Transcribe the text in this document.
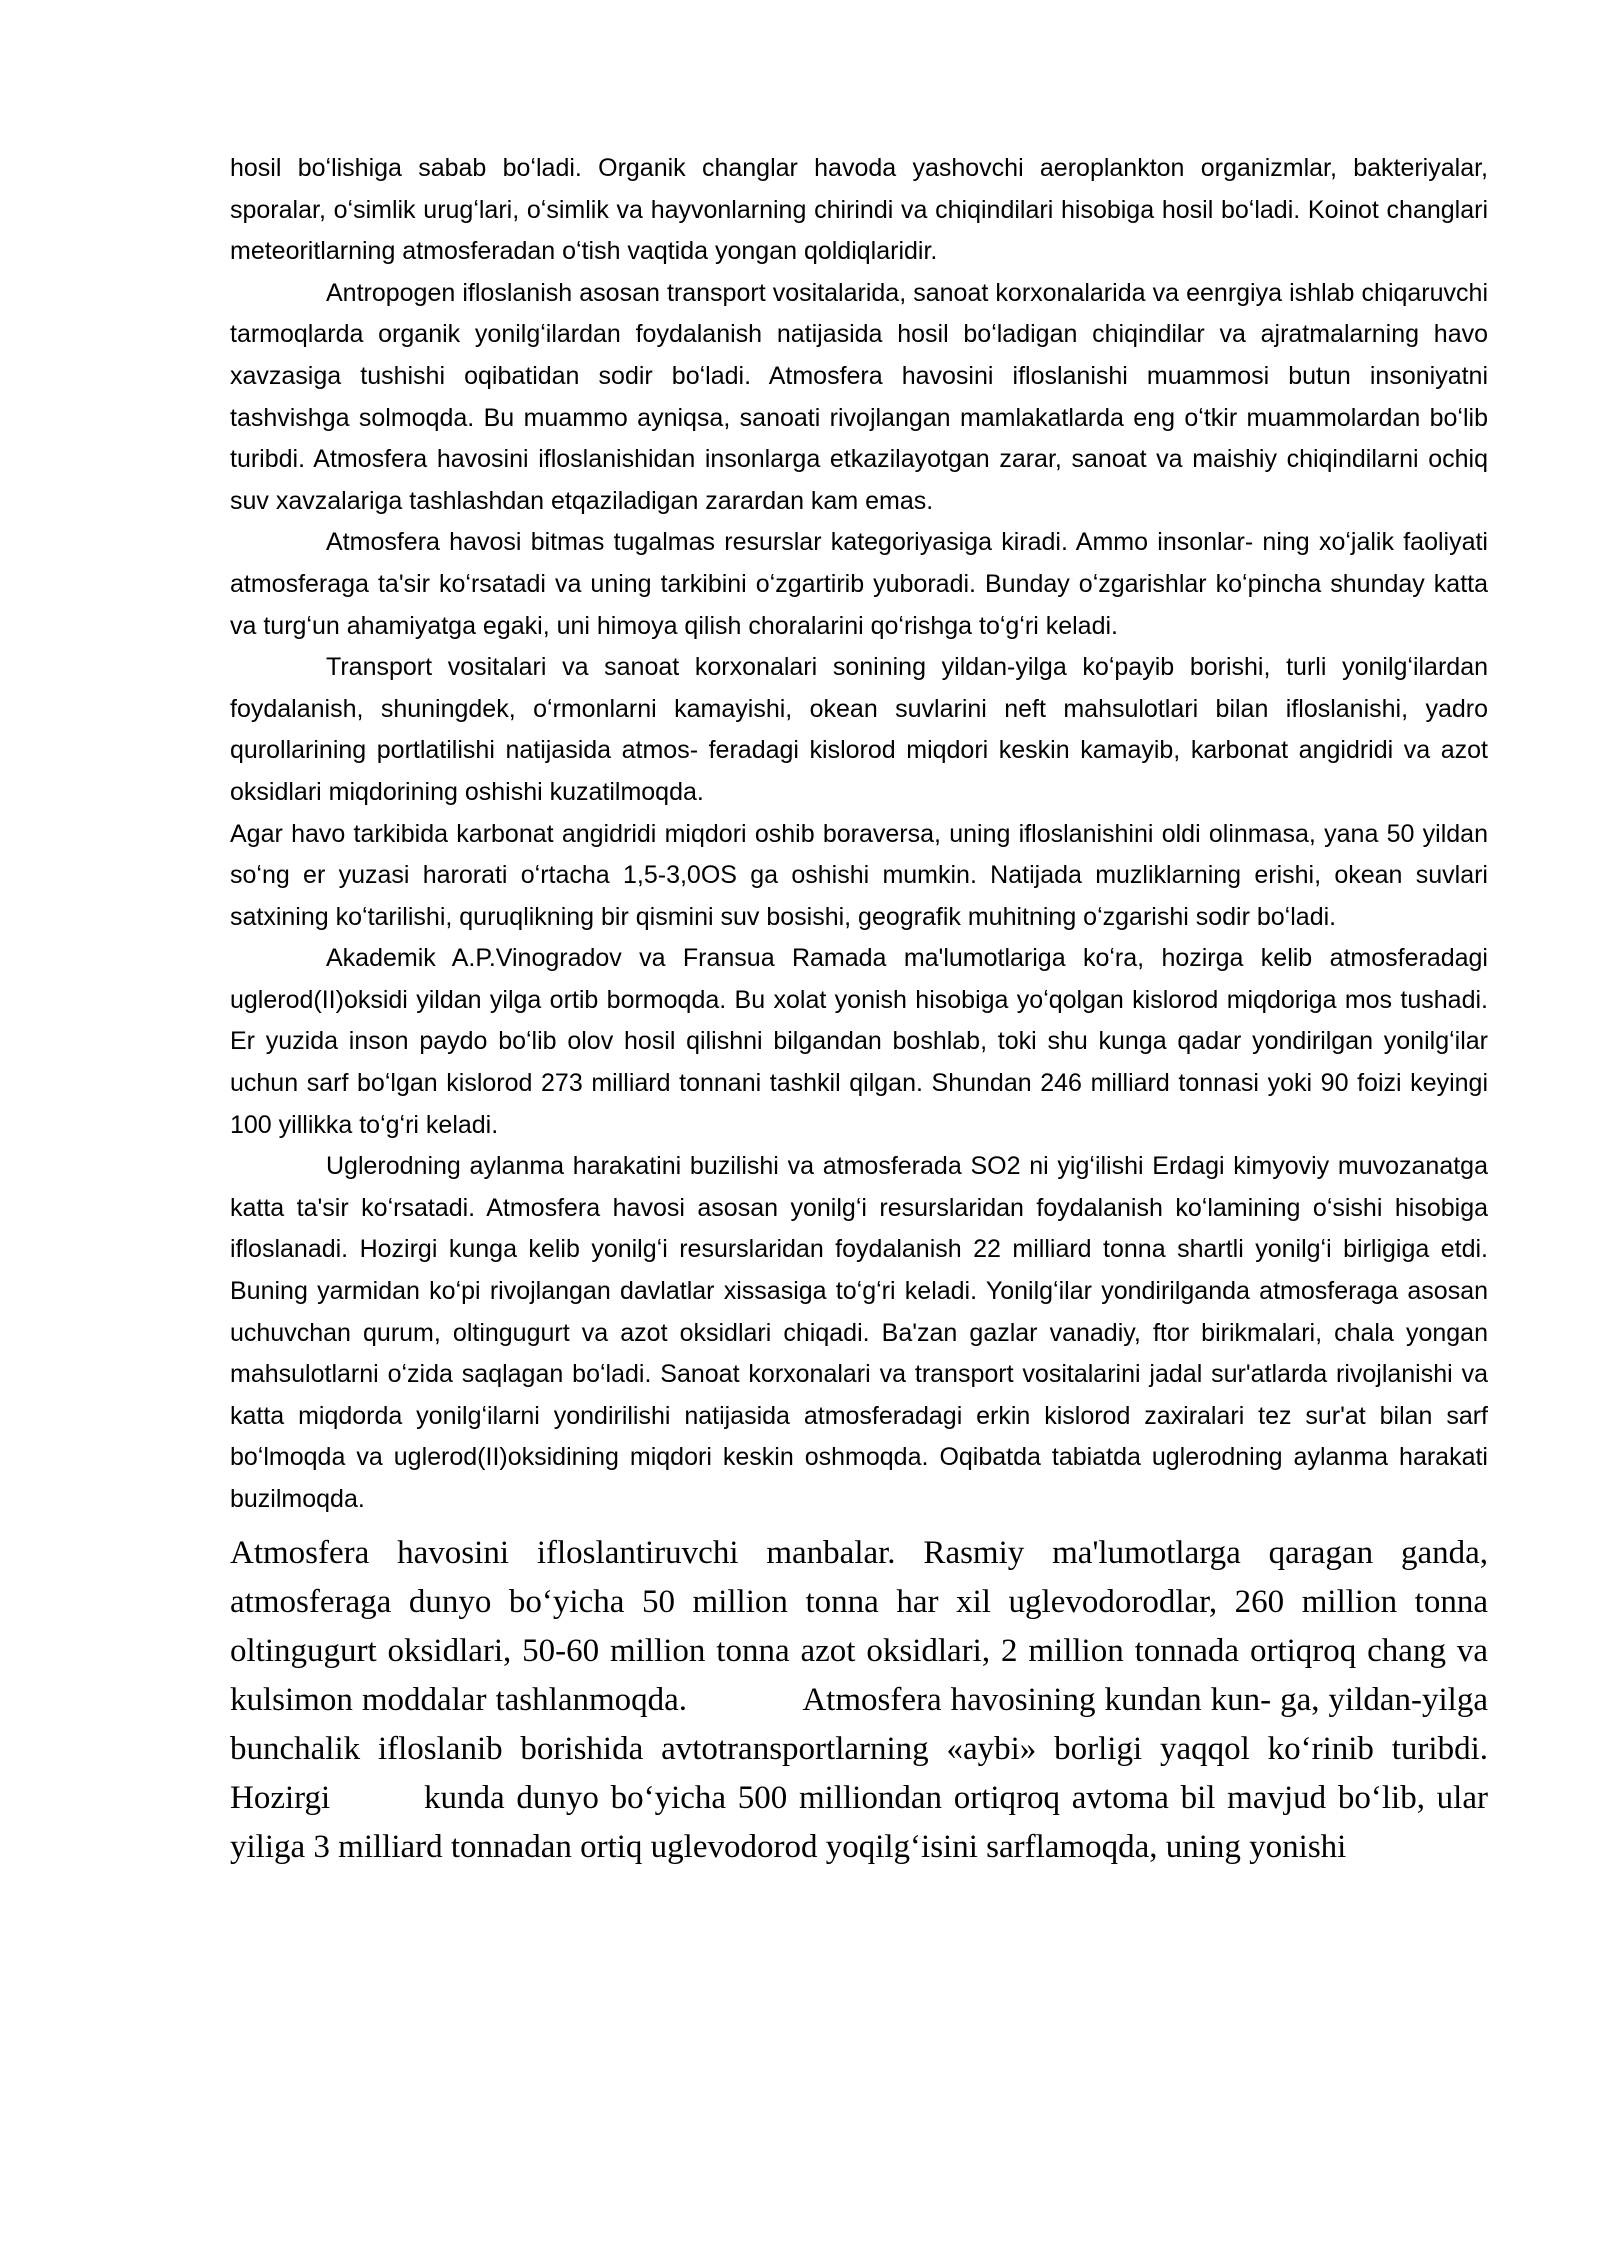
hosil boʻlishiga sabab boʻladi. Organik changlar havoda yashovchi aeroplankton organizmlar, bakteriyalar, sporalar, oʻsimlik urugʻlari, oʻsimlik va hayvonlarning chirindi va chiqindilari hisobiga hosil boʻladi. Koinot changlari meteoritlarning atmosferadan oʻtish vaqtida yongan qoldiqlaridir.

Antropogen ifloslanish asosan transport vositalarida, sanoat korxonalarida va eenrgiya ishlab chiqaruvchi tarmoqlarda organik yonilgʻilardan foydalanish natijasida hosil boʻladigan chiqindilar va ajratmalarning havo xavzasiga tushishi oqibatidan sodir boʻladi. Atmosfera havosini ifloslanishi muammosi butun insoniyatni tashvishga solmoqda. Bu muammo ayniqsa, sanoati rivojlangan mamlakatlarda eng oʻtkir muammolardan boʻlib turibdi. Atmosfera havosini ifloslanishidan insonlarga etkazilayotgan zarar, sanoat va maishiy chiqindilarni ochiq suv xavzalariga tashlashdan etqaziladigan zarardan kam emas.

Atmosfera havosi bitmas tugalmas resurslar kategoriyasiga kiradi. Ammo insonlar- ning xoʻjalik faoliyati atmosferaga ta'sir koʻrsatadi va uning tarkibini oʻzgartirib yuboradi. Bunday oʻzgarishlar koʻpincha shunday katta va turgʻun ahamiyatga egaki, uni himoya qilish choralarini qoʻrishga toʻgʻri keladi.

Transport vositalari va sanoat korxonalari sonining yildan-yilga koʻpayib borishi, turli yonilgʻilardan foydalanish, shuningdek, oʻrmonlarni kamayishi, okean suvlarini neft mahsulotlari bilan ifloslanishi, yadro qurollarining portlatilishi natijasida atmos- feradagi kislorod miqdori keskin kamayib, karbonat angidridi va azot oksidlari miqdorining oshishi kuzatilmoqda.

Agar havo tarkibida karbonat angidridi miqdori oshib boraversa, uning ifloslanishini oldi olinmasa, yana 50 yildan soʻng er yuzasi harorati oʻrtacha 1,5-3,0OS ga oshishi mumkin. Natijada muzliklarning erishi, okean suvlari satxining koʻtarilishi, quruqlikning bir qismini suv bosishi, geografik muhitning oʻzgarishi sodir boʻladi.

Akademik A.P.Vinogradov va Fransua Ramada ma'lumotlariga koʻra, hozirga kelib atmosferadagi uglerod(II)oksidi yildan yilga ortib bormoqda. Bu xolat yonish hisobiga yoʻqolgan kislorod miqdoriga mos tushadi. Er yuzida inson paydo boʻlib olov hosil qilishni bilgandan boshlab, toki shu kunga qadar yondirilgan yonilgʻilar uchun sarf boʻlgan kislorod 273 milliard tonnani tashkil qilgan. Shundan 246 milliard tonnasi yoki 90 foizi keyingi 100 yillikka toʻgʻri keladi.

Uglerodning aylanma harakatini buzilishi va atmosferada SO2 ni yigʻilishi Erdagi kimyoviy muvozanatga katta ta'sir koʻrsatadi. Atmosfera havosi asosan yonilgʻi resurslaridan foydalanish koʻlamining oʻsishi hisobiga ifloslanadi. Hozirgi kunga kelib yonilgʻi resurslaridan foydalanish 22 milliard tonna shartli yonilgʻi birligiga etdi. Buning yarmidan koʻpi rivojlangan davlatlar xissasiga toʻgʻri keladi. Yonilgʻilar yondirilganda atmosferaga asosan uchuvchan qurum, oltingugurt va azot oksidlari chiqadi. Ba'zan gazlar vanadiy, ftor birikmalari, chala yongan mahsulotlarni oʻzida saqlagan boʻladi. Sanoat korxonalari va transport vositalarini jadal sur'atlarda rivojlanishi va katta miqdorda yonilgʻilarni yondirilishi natijasida atmosferadagi erkin kislorod zaxiralari tez sur'at bilan sarf boʻlmoqda va uglerod(II)oksidining miqdori keskin oshmoqda. Oqibatda tabiatda uglerodning aylanma harakati buzilmoqda.

Atmosfera havosini ifloslantiruvchi manbalar. Rasmiy ma'lumotlarga qaragan ganda, atmosferaga dunyo boʻyicha 50 million tonna har xil uglevodorodlar, 260 million tonna oltingugurt oksidlari, 50-60 million tonna azot oksidlari, 2 million tonnada ortiqroq chang va kulsimon moddalar tashlanmoqda.             Atmosfera havosining kundan kun- ga, yildan-yilga bunchalik ifloslanib borishida avtotransportlarning «aybi» borligi yaqqol koʻrinib turibdi.       Hozirgi        kunda dunyo boʻyicha 500 milliondan ortiqroq avtoma bil mavjud boʻlib, ular yiliga 3 milliard tonnadan ortiq uglevodorod yoqilgʻisini sarflamoqda, uning yonishi
